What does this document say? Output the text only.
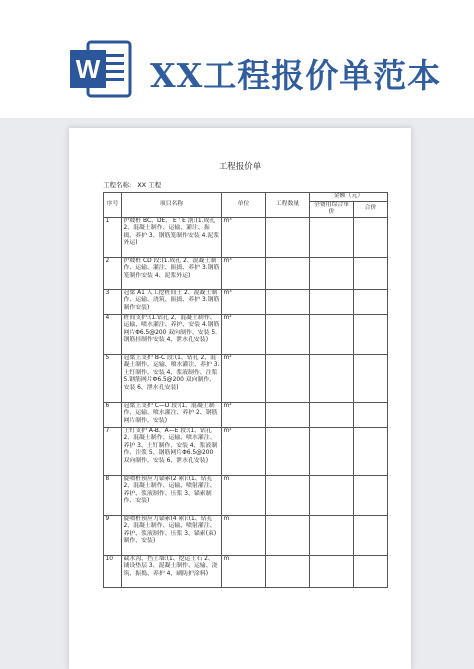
W XX工程报价单范本
工程报价单
工程名称: XX 工程
序号	项目名称	单位	工程数量	金额（元）	
				全费用综合单价	合价
1	护坡桩 BC、DE、 E ' E 剖:(1.成孔 2、混凝土制作、运输、灌注、振捣、养护 3、钢筋笼制作安装 4.泥浆外运)	m³			
2	护坡桩 CD 段:(1.成孔 2、混凝土制作、运输、灌注、振捣、养护 3.钢筋笼制作安装 4、泥浆外运)	m³			
3	冠梁 A1 人工挖桩间土 2、混凝土制作、运输、浇筑、振捣、养护 3.钢筋制作安装)	m³			
4	桩间支护:(1.钻孔 2、混凝土制作、运输、喷水灌注、养护、安装 4.钢筋网片Φ6.5@200 双向制作、安装 5.钢筋挂制作安装 4、泄水孔安装)	m²			
5	冠梁上支护 B-C 段:(1、钻孔 2、混凝土制作、运输、喷水灌注、养护 3.土钉制作、安装 4、浆液制作、注浆 5.钢筋网片Φ6.5@200 双向制作、安装 6、泄水孔安装)	m²			
6	冠梁上支护 C—D 段:(1、混凝土制作、运输、喷水灌注、养护 2、钢筋网片制作、安装)	m²			
7	土钉支护 A-B、A—E 段:(1、钻孔 2、混凝土制作、运输、喷水灌注、养护 3、土钉制作、安装 4、浆液制作、注浆 5、钢筋网片Φ6.5@200 双向制作、安装 6、泄水孔安装)	m²			
8	旋喷桩预应力锚索(2 索):(1、钻孔 2、混凝土制作、运输、喷射灌注、养护、浆液制作、压浆 3、锚索制作、安装)	m			
9	旋喷桩预应力锚索(4 索):(1、钻孔 2、混凝土制作、运输、喷射灌注、养护、浆液制作、压浆 3、锚索(束)制作、安装)	m			
10	截水沟、挡土墙:(1、挖运土石 2、铺设垫层 3、混凝土制作、运输、浇筑、振捣、养护 4、刷防护涂料)	m			
